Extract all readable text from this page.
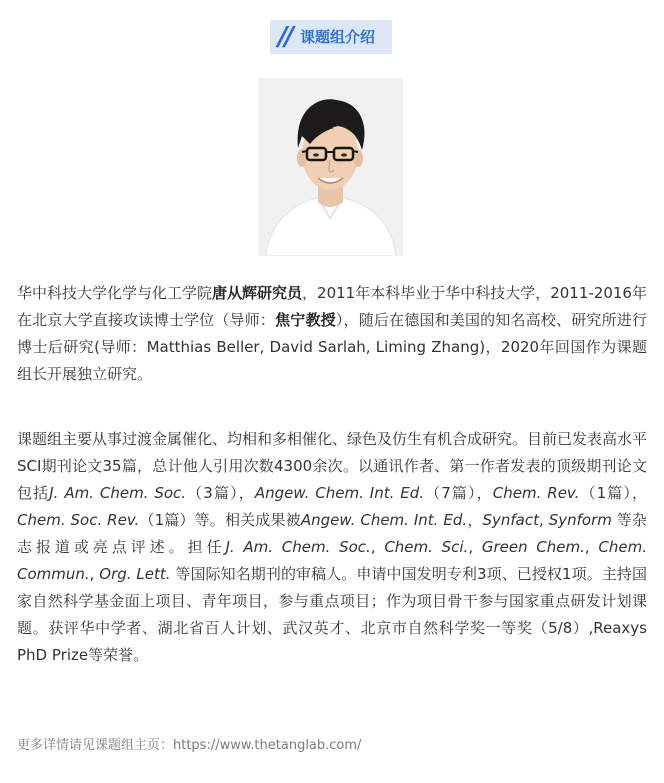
// 课题组介绍
华中科技大学化学与化工学院唐从辉研究员，2011年本科毕业于华中科技大学，2011-2016年在北京大学直接攻读博士学位（导师：焦宁教授），随后在德国和美国的知名高校、研究所进行博士后研究(导师：Matthias Beller, David Sarlah, Liming Zhang)，2020年回国作为课题组长开展独立研究。
课题组主要从事过渡金属催化、均相和多相催化、绿色及仿生有机合成研究。目前已发表高水平SCI期刊论文35篇，总计他人引用次数4300余次。以通讯作者、第一作者发表的顶级期刊论文包括J. Am. Chem. Soc.（3篇），Angew. Chem. Int. Ed.（7篇），Chem. Rev.（1篇），Chem. Soc. Rev.（1篇）等。相关成果被Angew. Chem. Int. Ed.，Synfact, Synform 等杂志报道或亮点评述。担任J. Am. Chem. Soc., Chem. Sci., Green Chem., Chem. Commun., Org. Lett. 等国际知名期刊的审稿人。申请中国发明专利3项、已授权1项。主持国家自然科学基金面上项目、青年项目，参与重点项目；作为项目骨干参与国家重点研发计划课题。获评华中学者、湖北省百人计划、武汉英才、北京市自然科学奖一等奖（5/8）,Reaxys PhD Prize等荣誉。
更多详情请见课题组主页：https://www.thetanglab.com/
